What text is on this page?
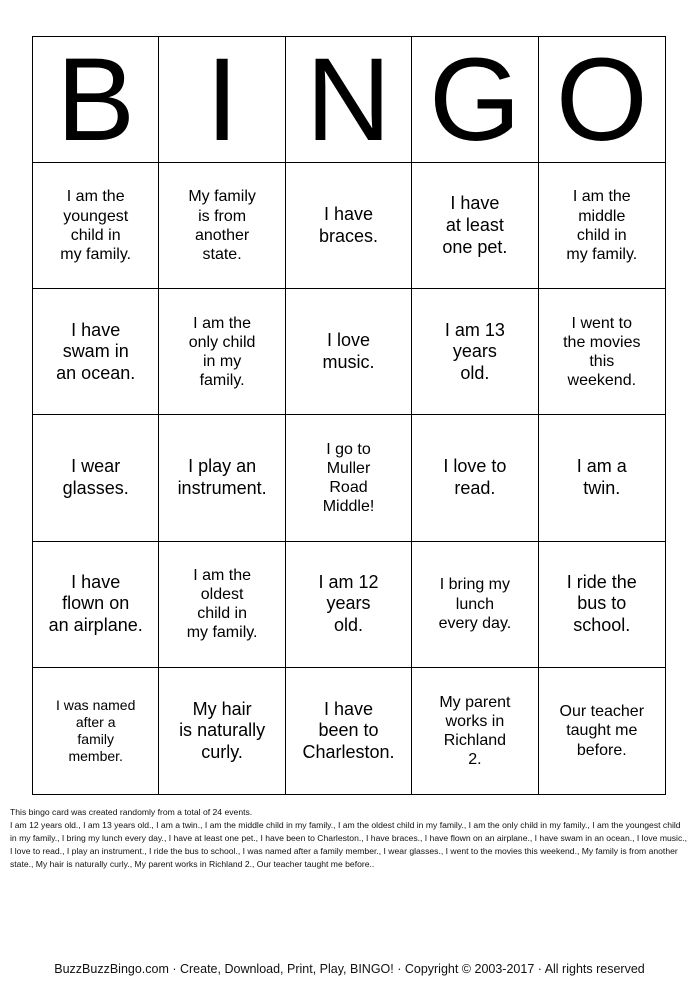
B I N G O
I am the
youngest
child in
my family.
My family
is from
another
state.
I have
braces.
I have
at least
one pet.
I am the
middle
child in
my family.
I have
swam in
an ocean.
I am the
only child
in my
family.
I love
music.
I am 13
years
old.
I went to
the movies
this
weekend.
I wear
glasses.
I play an
instrument.
I go to
Muller
Road
Middle!
I love to
read.
I am a
twin.
I have
flown on
an airplane.
I am the
oldest
child in
my family.
I am 12
years
old.
I bring my
lunch
every day.
I ride the
bus to
school.
I was named
after a
family
member.
My hair
is naturally
curly.
I have
been to
Charleston.
My parent
works in
Richland
2.
Our teacher
taught me
before.

This bingo card was created randomly from a total of 24 events.

I am 12 years old., I am 13 years old., I am a twin., I am the middle child in my family., I am the oldest child in my family., I am the only child in my family., I am the youngest child in my family., I bring my lunch every day., I have at least one pet., I have been to Charleston., I have braces., I have flown on an airplane., I have swam in an ocean., I love music., I love to read., I play an instrument., I ride the bus to school., I was named after a family member., I wear glasses., I went to the movies this weekend., My family is from another state., My hair is naturally curly., My parent works in Richland 2., Our teacher taught me before..

BuzzBuzzBingo.com · Create, Download, Print, Play, BINGO! · Copyright © 2003-2017 · All rights reserved
